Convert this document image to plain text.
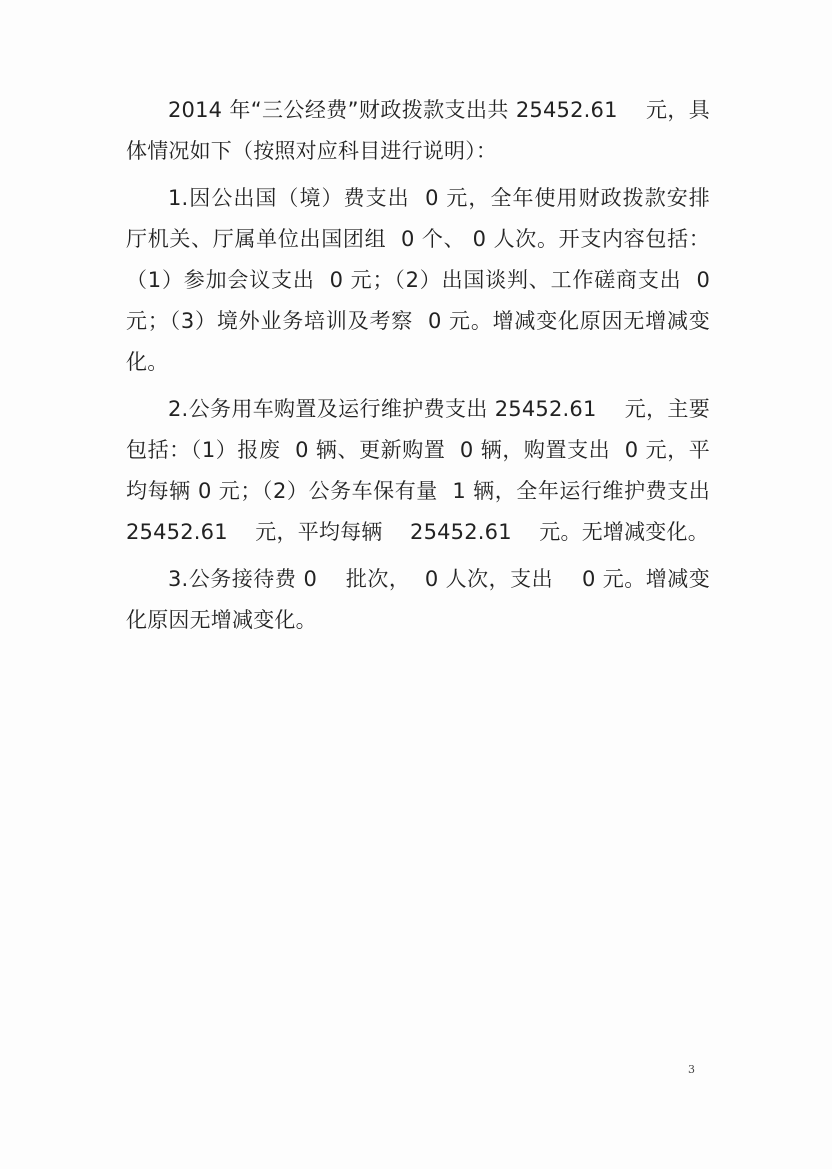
2014 年“三公经费”财政拨款支出共 25452.61    元，具体情况如下（按照对应科目进行说明）：

1.因公出国（境）费支出  0 元，全年使用财政拨款安排厅机关、厅属单位出国团组  0 个、 0 人次。开支内容包括：（1）参加会议支出  0 元；（2）出国谈判、工作磋商支出  0 元；（3）境外业务培训及考察  0 元。增减变化原因无增减变化。

2.公务用车购置及运行维护费支出 25452.61    元，主要包括：（1）报废  0 辆、更新购置  0 辆，购置支出  0 元，平均每辆 0 元；（2）公务车保有量  1 辆，全年运行维护费支出 25452.61    元，平均每辆    25452.61    元。无增减变化。

3.公务接待费 0    批次，  0 人次，支出    0 元。增减变化原因无增减变化。

3
